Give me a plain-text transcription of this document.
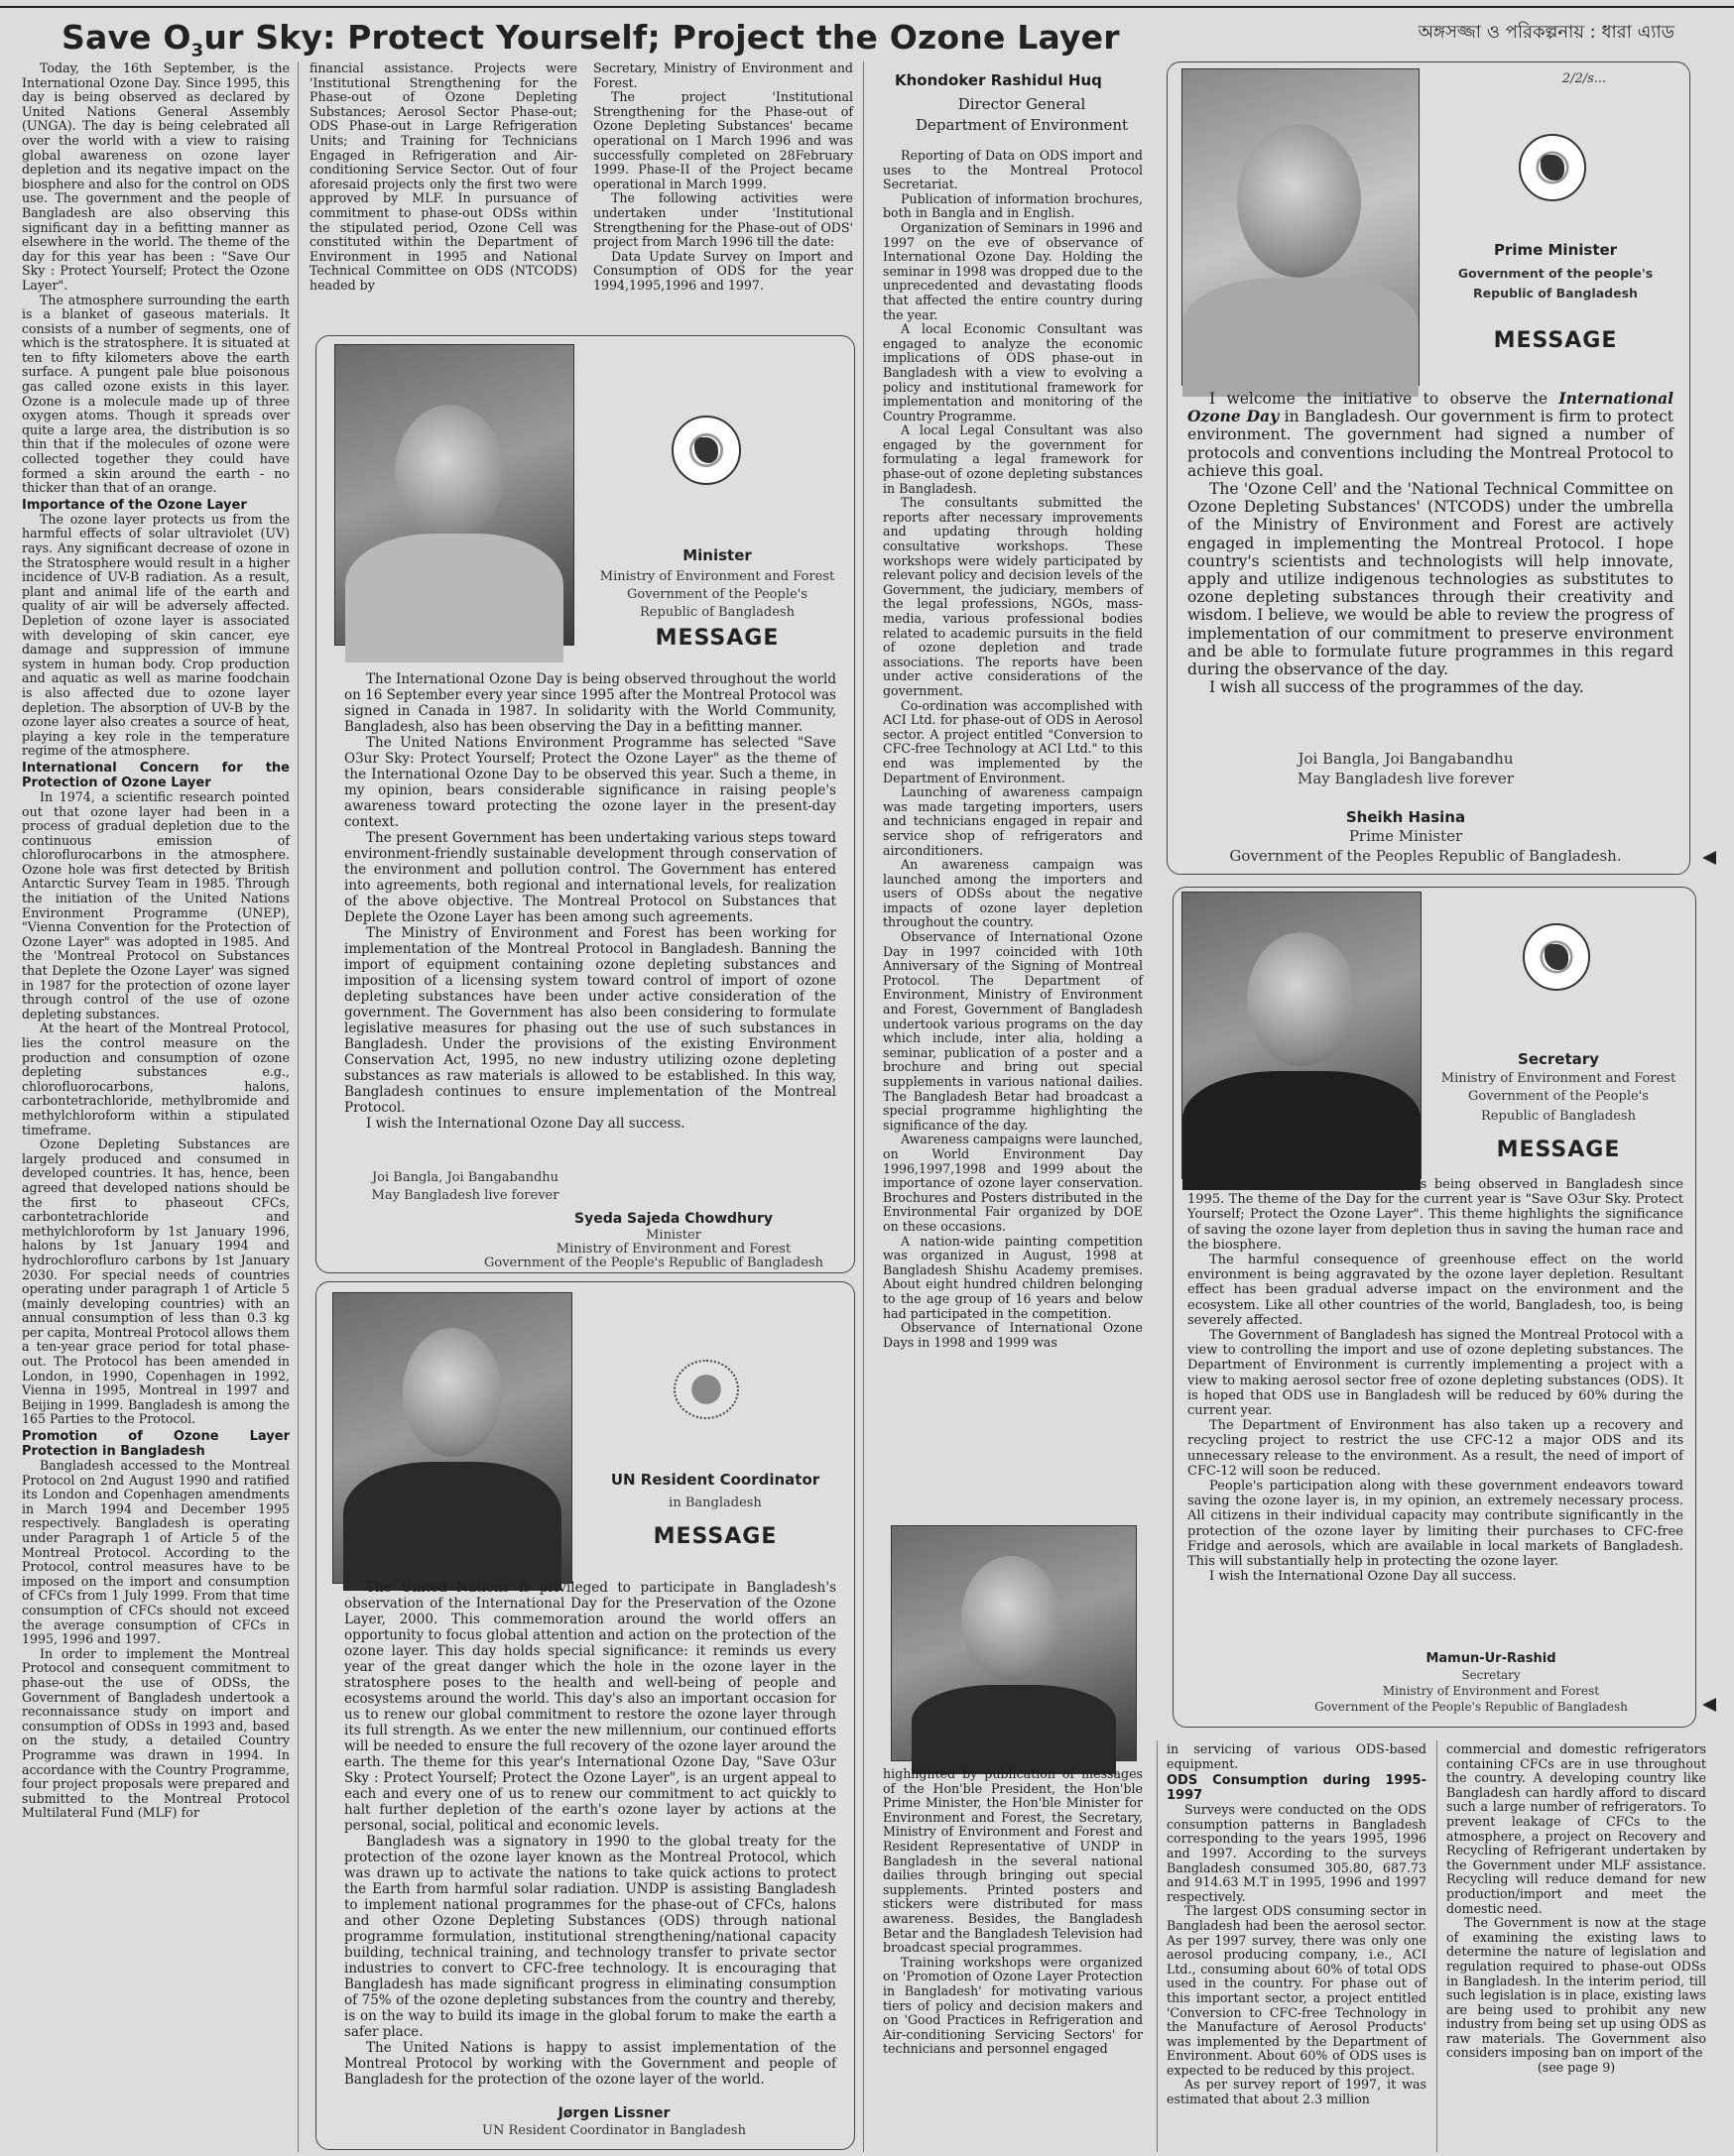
Save $O_3ur$ Sky: Protect Yourself; Project the Ozone Layer	অঙ্গসজ্জা ও পরিকল্পনায় : ধারা এ্যাড

Today, the 16th September, is the International Ozone Day. Since 1995, this day is being observed as declared by United Nations General Assembly (UNGA). The day is being celebrated all over the world with a view to raising global awareness on ozone layer depletion and its negative impact on the biosphere and also for the control on ODS use. The government and the people of Bangladesh are also observing this significant day in a befitting manner as elsewhere in the world. The theme of the day for this year has been : "Save Our Sky : Protect Yourself; Protect the Ozone Layer".

The atmosphere surrounding the earth is a blanket of gaseous materials. It consists of a number of segments, one of which is the stratosphere. It is situated at ten to fifty kilometers above the earth surface. A pungent pale blue poisonous gas called ozone exists in this layer. Ozone is a molecule made up of three oxygen atoms. Though it spreads over quite a large area, the distribution is so thin that if the molecules of ozone were collected together they could have formed a skin around the earth - no thicker than that of an orange.

Importance of the Ozone Layer

The ozone layer protects us from the harmful effects of solar ultraviolet (UV) rays. Any significant decrease of ozone in the Stratosphere would result in a higher incidence of UV-B radiation. As a result, plant and animal life of the earth and quality of air will be adversely affected. Depletion of ozone layer is associated with developing of skin cancer, eye damage and suppression of immune system in human body. Crop production and aquatic as well as marine foodchain is also affected due to ozone layer depletion. The absorption of UV-B by the ozone layer also creates a source of heat, playing a key role in the temperature regime of the atmosphere.

International Concern for the Protection of Ozone Layer

In 1974, a scientific research pointed out that ozone layer had been in a process of gradual depletion due to the continuous emission of chloroflurocarbons in the atmosphere. Ozone hole was first detected by British Antarctic Survey Team in 1985. Through the initiation of the United Nations Environment Programme (UNEP), "Vienna Convention for the Protection of Ozone Layer" was adopted in 1985. And the 'Montreal Protocol on Substances that Deplete the Ozone Layer' was signed in 1987 for the protection of ozone layer through control of the use of ozone depleting substances.

At the heart of the Montreal Protocol, lies the control measure on the production and consumption of ozone depleting substances e.g., chlorofluorocarbons, halons, carbontetrachloride, methylbromide and methylchloroform within a stipulated timeframe.

Ozone Depleting Substances are largely produced and consumed in developed countries. It has, hence, been agreed that developed nations should be the first to phaseout CFCs, carbontetrachloride and methylchloroform by 1st January 1996, halons by 1st January 1994 and hydrochlorofluro carbons by 1st January 2030. For special needs of countries operating under paragraph 1 of Article 5 (mainly developing countries) with an annual consumption of less than 0.3 kg per capita, Montreal Protocol allows them a ten-year grace period for total phase-out. The Protocol has been amended in London, in 1990, Copenhagen in 1992, Vienna in 1995, Montreal in 1997 and Beijing in 1999. Bangladesh is among the 165 Parties to the Protocol.

Promotion of Ozone Layer Protection in Bangladesh

Bangladesh accessed to the Montreal Protocol on 2nd August 1990 and ratified its London and Copenhagen amendments in March 1994 and December 1995 respectively. Bangladesh is operating under Paragraph 1 of Article 5 of the Montreal Protocol. According to the Protocol, control measures have to be imposed on the import and consumption of CFCs from 1 July 1999. From that time consumption of CFCs should not exceed the average consumption of CFCs in 1995, 1996 and 1997.

In order to implement the Montreal Protocol and consequent commitment to phase-out the use of ODSs, the Government of Bangladesh undertook a reconnaissance study on import and consumption of ODSs in 1993 and, based on the study, a detailed Country Programme was drawn in 1994. In accordance with the Country Programme, four project proposals were prepared and submitted to the Montreal Protocol Multilateral Fund (MLF) for

financial assistance. Projects were 'Institutional Strengthening for the Phase-out of Ozone Depleting Substances; Aerosol Sector Phase-out; ODS Phase-out in Large Refrigeration Units; and Training for Technicians Engaged in Refrigeration and Air-conditioning Service Sector. Out of four aforesaid projects only the first two were approved by MLF. In pursuance of commitment to phase-out ODSs within the stipulated period, Ozone Cell was constituted within the Department of Environment in 1995 and National Technical Committee on ODS (NTCODS) headed by

Secretary, Ministry of Environment and Forest.

The project 'Institutional Strengthening for the Phase-out of Ozone Depleting Substances' became operational on 1 March 1996 and was successfully completed on 28February 1999. Phase-II of the Project became operational in March 1999.

The following activities were undertaken under 'Institutional Strengthening for the Phase-out of ODS' project from March 1996 till the date:

Data Update Survey on Import and Consumption of ODS for the year 1994,1995,1996 and 1997.

Khondoker Rashidul Huq
Director General
Department of Environment

Reporting of Data on ODS import and uses to the Montreal Protocol Secretariat.

Publication of information brochures, both in Bangla and in English.

Organization of Seminars in 1996 and 1997 on the eve of observance of International Ozone Day. Holding the seminar in 1998 was dropped due to the unprecedented and devastating floods that affected the entire country during the year.

A local Economic Consultant was engaged to analyze the economic implications of ODS phase-out in Bangladesh with a view to evolving a policy and institutional framework for implementation and monitoring of the Country Programme.

A local Legal Consultant was also engaged by the government for formulating a legal framework for phase-out of ozone depleting substances in Bangladesh.

The consultants submitted the reports after necessary improvements and updating through holding consultative workshops. These workshops were widely participated by relevant policy and decision levels of the Government, the judiciary, members of the legal professions, NGOs, mass-media, various professional bodies related to academic pursuits in the field of ozone depletion and trade associations. The reports have been under active considerations of the government.

Co-ordination was accomplished with ACI Ltd. for phase-out of ODS in Aerosol sector. A project entitled "Conversion to CFC-free Technology at ACI Ltd." to this end was implemented by the Department of Environment.

Launching of awareness campaign was made targeting importers, users and technicians engaged in repair and service shop of refrigerators and airconditioners.

An awareness campaign was launched among the importers and users of ODSs about the negative impacts of ozone layer depletion throughout the country.

Observance of International Ozone Day in 1997 coincided with 10th Anniversary of the Signing of Montreal Protocol. The Department of Environment, Ministry of Environment and Forest, Government of Bangladesh undertook various programs on the day which include, inter alia, holding a seminar, publication of a poster and a brochure and bring out special supplements in various national dailies. The Bangladesh Betar had broadcast a special programme highlighting the significance of the day.

Awareness campaigns were launched, on World Environment Day 1996,1997,1998 and 1999 about the importance of ozone layer conservation. Brochures and Posters distributed in the Environmental Fair organized by DOE on these occasions.

A nation-wide painting competition was organized in August, 1998 at Bangladesh Shishu Academy premises. About eight hundred children belonging to the age group of 16 years and below had participated in the competition.

Observance of International Ozone Days in 1998 and 1999 was

highlighted by publication of messages of the Hon'ble President, the Hon'ble Prime Minister, the Hon'ble Minister for Environment and Forest, the Secretary, Ministry of Environment and Forest and Resident Representative of UNDP in Bangladesh in the several national dailies through bringing out special supplements. Printed posters and stickers were distributed for mass awareness. Besides, the Bangladesh Betar and the Bangladesh Television had broadcast special programmes.

Training workshops were organized on 'Promotion of Ozone Layer Protection in Bangladesh' for motivating various tiers of policy and decision makers and on 'Good Practices in Refrigeration and Air-conditioning Servicing Sectors' for technicians and personnel engaged

in servicing of various ODS-based equipment.

ODS Consumption during 1995-1997

Surveys were conducted on the ODS consumption patterns in Bangladesh corresponding to the years 1995, 1996 and 1997. According to the surveys Bangladesh consumed 305.80, 687.73 and 914.63 M.T in 1995, 1996 and 1997 respectively.

The largest ODS consuming sector in Bangladesh had been the aerosol sector. As per 1997 survey, there was only one aerosol producing company, i.e., ACI Ltd., consuming about 60% of total ODS used in the country. For phase out of this important sector, a project entitled 'Conversion to CFC-free Technology in the Manufacture of Aerosol Products' was implemented by the Department of Environment. About 60% of ODS uses is expected to be reduced by this project.

As per survey report of 1997, it was estimated that about 2.3 million

commercial and domestic refrigerators containing CFCs are in use throughout the country. A developing country like Bangladesh can hardly afford to discard such a large number of refrigerators. To prevent leakage of CFCs to the atmosphere, a project on Recovery and Recycling of Refrigerant undertaken by the Government under MLF assistance. Recycling will reduce demand for new production/import and meet the domestic need.

The Government is now at the stage of examining the existing laws to determine the nature of legislation and regulation required to phase-out ODSs in Bangladesh. In the interim period, till such legislation is in place, existing laws are being used to prohibit any new industry from being set up using ODS as raw materials. The Government also considers imposing ban on import of the

(see page 9)

Minister
Ministry of Environment and Forest
Government of the People's
Republic of Bangladesh
MESSAGE

The International Ozone Day is being observed throughout the world on 16 September every year since 1995 after the Montreal Protocol was signed in Canada in 1987. In solidarity with the World Community, Bangladesh, also has been observing the Day in a befitting manner.

The United Nations Environment Programme has selected "Save O3ur Sky: Protect Yourself; Protect the Ozone Layer" as the theme of the International Ozone Day to be observed this year. Such a theme, in my opinion, bears considerable significance in raising people's awareness toward protecting the ozone layer in the present-day context.

The present Government has been undertaking various steps toward environment-friendly sustainable development through conservation of the environment and pollution control. The Government has entered into agreements, both regional and international levels, for realization of the above objective. The Montreal Protocol on Substances that Deplete the Ozone Layer has been among such agreements.

The Ministry of Environment and Forest has been working for implementation of the Montreal Protocol in Bangladesh. Banning the import of equipment containing ozone depleting substances and imposition of a licensing system toward control of import of ozone depleting substances have been under active consideration of the government. The Government has also been considering to formulate legislative measures for phasing out the use of such substances in Bangladesh. Under the provisions of the existing Environment Conservation Act, 1995, no new industry utilizing ozone depleting substances as raw materials is allowed to be established. In this way, Bangladesh continues to ensure implementation of the Montreal Protocol.

I wish the International Ozone Day all success.

Joi Bangla, Joi Bangabandhu
May Bangladesh live forever
Syeda Sajeda Chowdhury
Minister
Ministry of Environment and Forest
Government of the People's Republic of Bangladesh
UN Resident Coordinator
in Bangladesh
MESSAGE

The United Nations is privileged to participate in Bangladesh's observation of the International Day for the Preservation of the Ozone Layer, 2000. This commemoration around the world offers an opportunity to focus global attention and action on the protection of the ozone layer. This day holds special significance: it reminds us every year of the great danger which the hole in the ozone layer in the stratosphere poses to the health and well-being of people and ecosystems around the world. This day's also an important occasion for us to renew our global commitment to restore the ozone layer through its full strength. As we enter the new millennium, our continued efforts will be needed to ensure the full recovery of the ozone layer around the earth. The theme for this year's International Ozone Day, "Save O3ur Sky : Protect Yourself; Protect the Ozone Layer", is an urgent appeal to each and every one of us to renew our commitment to act quickly to halt further depletion of the earth's ozone layer by actions at the personal, social, political and economic levels.

Bangladesh was a signatory in 1990 to the global treaty for the protection of the ozone layer known as the Montreal Protocol, which was drawn up to activate the nations to take quick actions to protect the Earth from harmful solar radiation. UNDP is assisting Bangladesh to implement national programmes for the phase-out of CFCs, halons and other Ozone Depleting Substances (ODS) through national programme formulation, institutional strengthening/national capacity building, technical training, and technology transfer to private sector industries to convert to CFC-free technology. It is encouraging that Bangladesh has made significant progress in eliminating consumption of 75% of the ozone depleting substances from the country and thereby, is on the way to build its image in the global forum to make the earth a safer place.

The United Nations is happy to assist implementation of the Montreal Protocol by working with the Government and people of Bangladesh for the protection of the ozone layer of the world.

Jørgen Lissner
UN Resident Coordinator in Bangladesh
2/2/s...
Prime Minister
Government of the people's
Republic of Bangladesh
MESSAGE

I welcome the initiative to observe the International Ozone Day in Bangladesh. Our government is firm to protect environment. The government had signed a number of protocols and conventions including the Montreal Protocol to achieve this goal.

The 'Ozone Cell' and the 'National Technical Committee on Ozone Depleting Substances' (NTCODS) under the umbrella of the Ministry of Environment and Forest are actively engaged in implementing the Montreal Protocol. I hope country's scientists and technologists will help innovate, apply and utilize indigenous technologies as substitutes to ozone depleting substances through their creativity and wisdom. I believe, we would be able to review the progress of implementation of our commitment to preserve environment and be able to formulate future programmes in this regard during the observance of the day.

I wish all success of the programmes of the day.

Joi Bangla, Joi Bangabandhu
May Bangladesh live forever
Sheikh Hasina
Prime Minister
Government of the Peoples Republic of Bangladesh.
Secretary
Ministry of Environment and Forest
Government of the People's
Republic of Bangladesh
MESSAGE

The International Ozone Day is being observed in Bangladesh since 1995. The theme of the Day for the current year is "Save O3ur Sky. Protect Yourself; Protect the Ozone Layer". This theme highlights the significance of saving the ozone layer from depletion thus in saving the human race and the biosphere.

The harmful consequence of greenhouse effect on the world environment is being aggravated by the ozone layer depletion. Resultant effect has been gradual adverse impact on the environment and the ecosystem. Like all other countries of the world, Bangladesh, too, is being severely affected.

The Government of Bangladesh has signed the Montreal Protocol with a view to controlling the import and use of ozone depleting substances. The Department of Environment is currently implementing a project with a view to making aerosol sector free of ozone depleting substances (ODS). It is hoped that ODS use in Bangladesh will be reduced by 60% during the current year.

The Department of Environment has also taken up a recovery and recycling project to restrict the use CFC-12 a major ODS and its unnecessary release to the environment. As a result, the need of import of CFC-12 will soon be reduced.

People's participation along with these government endeavors toward saving the ozone layer is, in my opinion, an extremely necessary process. All citizens in their individual capacity may contribute significantly in the protection of the ozone layer by limiting their purchases to CFC-free Fridge and aerosols, which are available in local markets of Bangladesh. This will substantially help in protecting the ozone layer.

I wish the International Ozone Day all success.

Mamun-Ur-Rashid
Secretary
Ministry of Environment and Forest
Government of the People's Republic of Bangladesh
